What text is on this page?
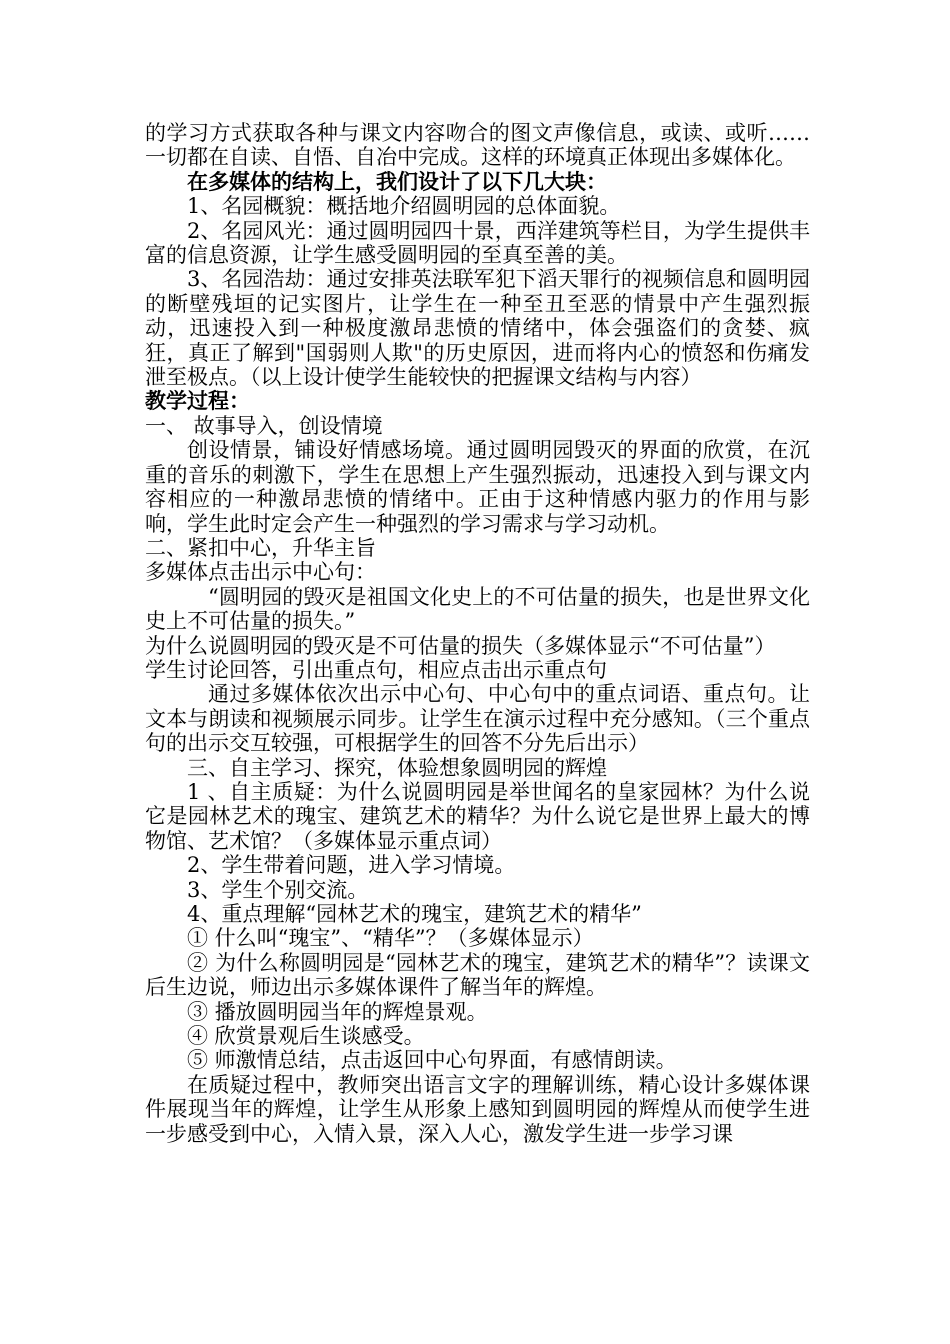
的学习方式获取各种与课文内容吻合的图文声像信息，或读、或听……一切都在自读、自悟、自冶中完成。这样的环境真正体现出多媒体化。

在多媒体的结构上，我们设计了以下几大块：

1、名园概貌：概括地介绍圆明园的总体面貌。

2、名园风光：通过圆明园四十景，西洋建筑等栏目，为学生提供丰富的信息资源，让学生感受圆明园的至真至善的美。

3、名园浩劫：通过安排英法联军犯下滔天罪行的视频信息和圆明园的断壁残垣的记实图片，让学生在一种至丑至恶的情景中产生强烈振动，迅速投入到一种极度激昂悲愤的情绪中，体会强盗们的贪婪、疯狂，真正了解到"国弱则人欺"的历史原因，进而将内心的愤怒和伤痛发泄至极点。（以上设计使学生能较快的把握课文结构与内容）

教学过程：

一、 故事导入，创设情境

创设情景，铺设好情感场境。通过圆明园毁灭的界面的欣赏，在沉重的音乐的刺激下，学生在思想上产生强烈振动，迅速投入到与课文内容相应的一种激昂悲愤的情绪中。正由于这种情感内驱力的作用与影响，学生此时定会产生一种强烈的学习需求与学习动机。

二、紧扣中心，升华主旨

多媒体点击出示中心句：

“圆明园的毁灭是祖国文化史上的不可估量的损失，也是世界文化史上不可估量的损失。”

为什么说圆明园的毁灭是不可估量的损失（多媒体显示“不可估量”）

学生讨论回答，引出重点句，相应点击出示重点句

通过多媒体依次出示中心句、中心句中的重点词语、重点句。让文本与朗读和视频展示同步。让学生在演示过程中充分感知。（三个重点句的出示交互较强，可根据学生的回答不分先后出示）

三、自主学习、探究，体验想象圆明园的辉煌

1 、自主质疑：为什么说圆明园是举世闻名的皇家园林？为什么说它是园林艺术的瑰宝、建筑艺术的精华？为什么说它是世界上最大的博物馆、艺术馆？（多媒体显示重点词）

2、学生带着问题，进入学习情境。

3、学生个别交流。

4、重点理解“园林艺术的瑰宝，建筑艺术的精华”

① 什么叫“瑰宝”、“精华”？（多媒体显示）

② 为什么称圆明园是“园林艺术的瑰宝，建筑艺术的精华”？读课文后生边说，师边出示多媒体课件了解当年的辉煌。

③ 播放圆明园当年的辉煌景观。

④ 欣赏景观后生谈感受。

⑤ 师激情总结，点击返回中心句界面，有感情朗读。

在质疑过程中，教师突出语言文字的理解训练，精心设计多媒体课件展现当年的辉煌，让学生从形象上感知到圆明园的辉煌从而使学生进一步感受到中心，入情入景，深入人心，激发学生进一步学习课
